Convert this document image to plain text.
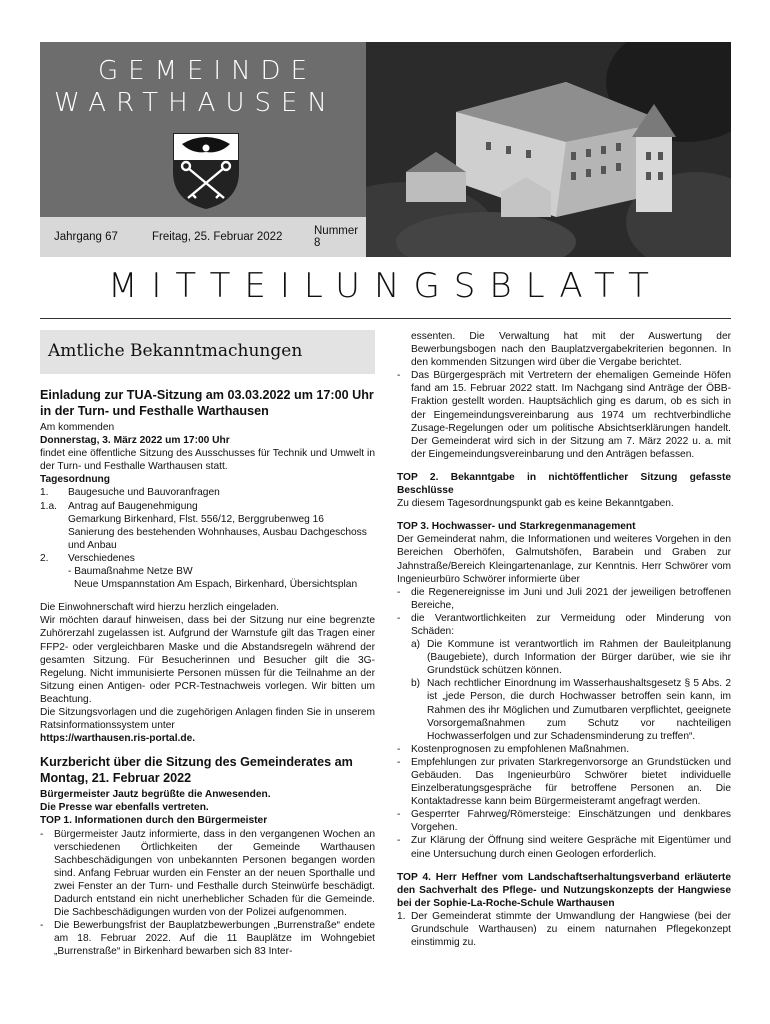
GEMEINDE
WARTHAUSEN
Jahrgang 67	Freitag, 25. Februar 2022	Nummer 8
MITTEILUNGSBLATT
Amtliche Bekanntmachungen

Einladung zur TUA-Sitzung am 03.03.2022 um 17:00 Uhr in der Turn- und Festhalle Warthausen

Am kommenden

Donnerstag, 3. März 2022 um 17:00 Uhr

findet eine öffentliche Sitzung des Ausschusses für Technik und Umwelt in der Turn- und Festhalle Warthausen statt.

Tagesordnung

1.	Baugesuche und Bauvoranfragen
1.a.	Antrag auf Baugenehmigung

Gemarkung Birkenhard, Flst. 556/12, Berggrubenweg 16

Sanierung des bestehenden Wohnhauses, Ausbau Dachgeschoss und Anbau

2.	Verschiedenes

- Baumaßnahme Netze BW

Neue Umspannstation Am Espach, Birkenhard, Übersichtsplan

Die Einwohnerschaft wird hierzu herzlich eingeladen.

Wir möchten darauf hinweisen, dass bei der Sitzung nur eine begrenzte Zuhörerzahl zugelassen ist. Aufgrund der Warnstufe gilt das Tragen einer FFP2- oder vergleichbaren Maske und die Abstandsregeln während der gesamten Sitzung. Für Besucherinnen und Besucher gilt die 3G-Regelung. Nicht immunisierte Personen müssen für die Teilnahme an der Sitzung einen Antigen- oder PCR-Testnachweis vorlegen. Wir bitten um Beachtung.

Die Sitzungsvorlagen und die zugehörigen Anlagen finden Sie in unserem Ratsinformationssystem unter

https://warthausen.ris-portal.de.

Kurzbericht über die Sitzung des Gemeinderates am Montag, 21. Februar 2022

Bürgermeister Jautz begrüßte die Anwesenden.

Die Presse war ebenfalls vertreten.

TOP 1. Informationen durch den Bürgermeister

-	Bürgermeister Jautz informierte, dass in den vergangenen Wochen an verschiedenen Örtlichkeiten der Gemeinde Warthausen Sachbeschädigungen von unbekannten Personen begangen worden sind. Anfang Februar wurden ein Fenster an der neuen Sporthalle und zwei Fenster an der Turn- und Festhalle durch Steinwürfe beschädigt. Dadurch entstand ein nicht unerheblicher Schaden für die Gemeinde. Die Sachbeschädigungen wurden von der Polizei aufgenommen.
-	Die Bewerbungsfrist der Bauplatzbewerbungen „Burrenstraße“ endete am 18. Februar 2022. Auf die 11 Bauplätze im Wohngebiet „Burrenstraße“ in Birkenhard bewarben sich 83 Inter-

essenten. Die Verwaltung hat mit der Auswertung der Bewerbungsbogen nach den Bauplatzvergabekriterien begonnen. In den kommenden Sitzungen wird über die Vergabe berichtet.

-	Das Bürgergespräch mit Vertretern der ehemaligen Gemeinde Höfen fand am 15. Februar 2022 statt. Im Nachgang sind Anträge der ÖBB-Fraktion gestellt worden. Hauptsächlich ging es darum, ob es sich in der Eingemeindungsvereinbarung aus 1974 um rechtverbindliche Zusage-Regelungen oder um politische Absichtserklärungen handelt. Der Gemeinderat wird sich in der Sitzung am 7. März 2022 u. a. mit der Eingemeindungsvereinbarung und den Anträgen befassen.

TOP 2. Bekanntgabe in nichtöffentlicher Sitzung gefasste Beschlüsse

Zu diesem Tagesordnungspunkt gab es keine Bekanntgaben.

TOP 3. Hochwasser- und Starkregenmanagement

Der Gemeinderat nahm, die Informationen und weiteres Vorgehen in den Bereichen Oberhöfen, Galmutshöfen, Barabein und Graben zur Jahnstraße/Bereich Kleingartenanlage, zur Kenntnis. Herr Schwörer vom Ingenieurbüro Schwörer informierte über

-	die Regenereignisse im Juni und Juli 2021 der jeweiligen betroffenen Bereiche,
-	die Verantwortlichkeiten zur Vermeidung oder Minderung von Schäden:
a) Die Kommune ist verantwortlich im Rahmen der Bauleitplanung (Baugebiete), durch Information der Bürger darüber, wie sie ihr Grundstück schützen können.
b) Nach rechtlicher Einordnung im Wasserhaushaltsgesetz § 5 Abs. 2 ist „jede Person, die durch Hochwasser betroffen sein kann, im Rahmen des ihr Möglichen und Zumutbaren verpflichtet, geeignete Vorsorgemaßnahmen zum Schutz vor nachteiligen Hochwasserfolgen und zur Schadensminderung zu treffen“.
-	Kostenprognosen zu empfohlenen Maßnahmen.
-	Empfehlungen zur privaten Starkregenvorsorge an Grundstücken und Gebäuden. Das Ingenieurbüro Schwörer bietet individuelle Einzelberatungsgespräche für betroffene Personen an. Die Kontaktadresse kann beim Bürgermeisteramt angefragt werden.
-	Gesperrter Fahrweg/Römersteige: Einschätzungen und denkbares Vorgehen.
-	Zur Klärung der Öffnung sind weitere Gespräche mit Eigentümer und eine Untersuchung durch einen Geologen erforderlich.

TOP 4. Herr Heffner vom Landschaftserhaltungsverband erläuterte den Sachverhalt des Pflege- und Nutzungskonzepts der Hangwiese bei der Sophie-La-Roche-Schule Warthausen

1. Der Gemeinderat stimmte der Umwandlung der Hangwiese (bei der Grundschule Warthausen) zu einem naturnahen Pflegekonzept einstimmig zu.
